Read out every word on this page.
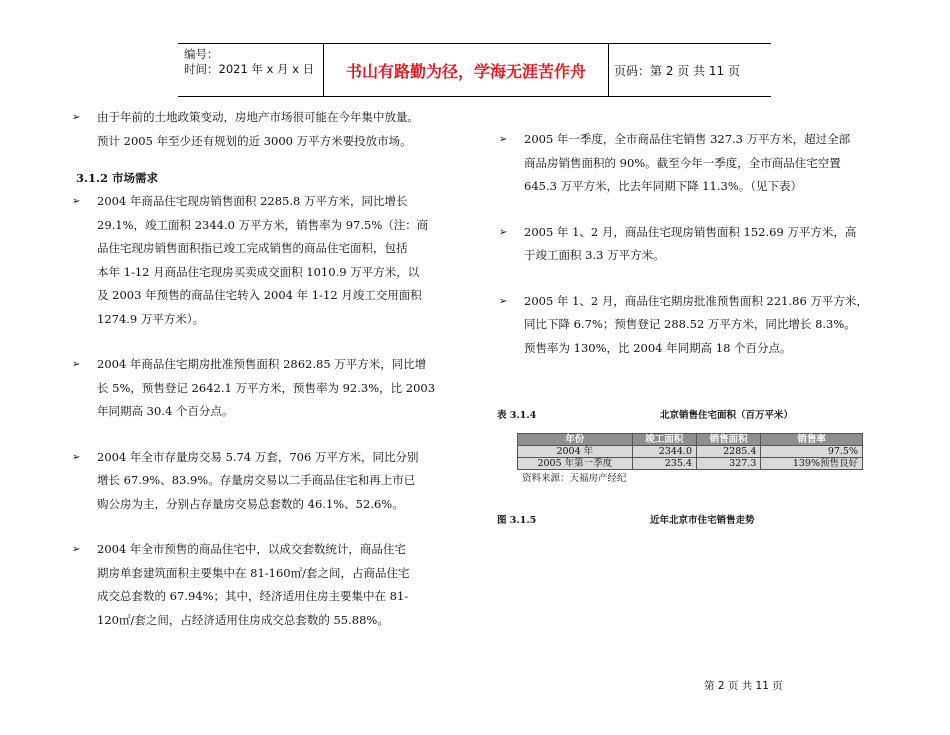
编号：
时间：2021 年 x 月 x 日	书山有路勤为径，学海无涯苦作舟	页码：第 2 页 共 11 页
➢ 由于年前的土地政策变动，房地产市场很可能在今年集中放量。
预计 2005 年至少还有规划的近 3000 万平方米要投放市场。
3.1.2 市场需求
➢ 2004 年商品住宅现房销售面积 2285.8 万平方米，同比增长
29.1%，竣工面积 2344.0 万平方米，销售率为 97.5%（注：商
品住宅现房销售面积指已竣工完成销售的商品住宅面积，包括
本年 1-12 月商品住宅现房买卖成交面积 1010.9 万平方米，以
及 2003 年预售的商品住宅转入 2004 年 1-12 月竣工交用面积
1274.9 万平方米）。
➢ 2004 年商品住宅期房批准预售面积 2862.85 万平方米，同比增
长 5%，预售登记 2642.1 万平方米，预售率为 92.3%，比 2003
年同期高 30.4 个百分点。
➢ 2004 年全市存量房交易 5.74 万套，706 万平方米，同比分别
增长 67.9%、83.9%。存量房交易以二手商品住宅和再上市已
购公房为主，分别占存量房交易总套数的 46.1%、52.6%。
➢ 2004 年全市预售的商品住宅中，以成交套数统计，商品住宅
期房单套建筑面积主要集中在 81-160㎡/套之间，占商品住宅
成交总套数的 67.94%；其中，经济适用住房主要集中在 81-
120㎡/套之间，占经济适用住房成交总套数的 55.88%。
➢ 2005 年一季度，全市商品住宅销售 327.3 万平方米，超过全部
商品房销售面积的 90%。截至今年一季度，全市商品住宅空置
645.3 万平方米，比去年同期下降 11.3%。（见下表）
➢ 2005 年 1、2 月，商品住宅现房销售面积 152.69 万平方米，高
于竣工面积 3.3 万平方米。
➢ 2005 年 1、2 月，商品住宅期房批准预售面积 221.86 万平方米，
同比下降 6.7%；预售登记 288.52 万平方米，同比增长 8.3%。
预售率为 130%，比 2004 年同期高 18 个百分点。
表 3.1.4	北京销售住宅面积（百万平米）
年份	竣工面积	销售面积	销售率
2004 年	2344.0	2285.4	97.5%
2005 年第一季度	235.4	327.3	139%预售良好
资料来源：天福房产经纪
图 3.1.5	近年北京市住宅销售走势
第 2 页 共 11 页
